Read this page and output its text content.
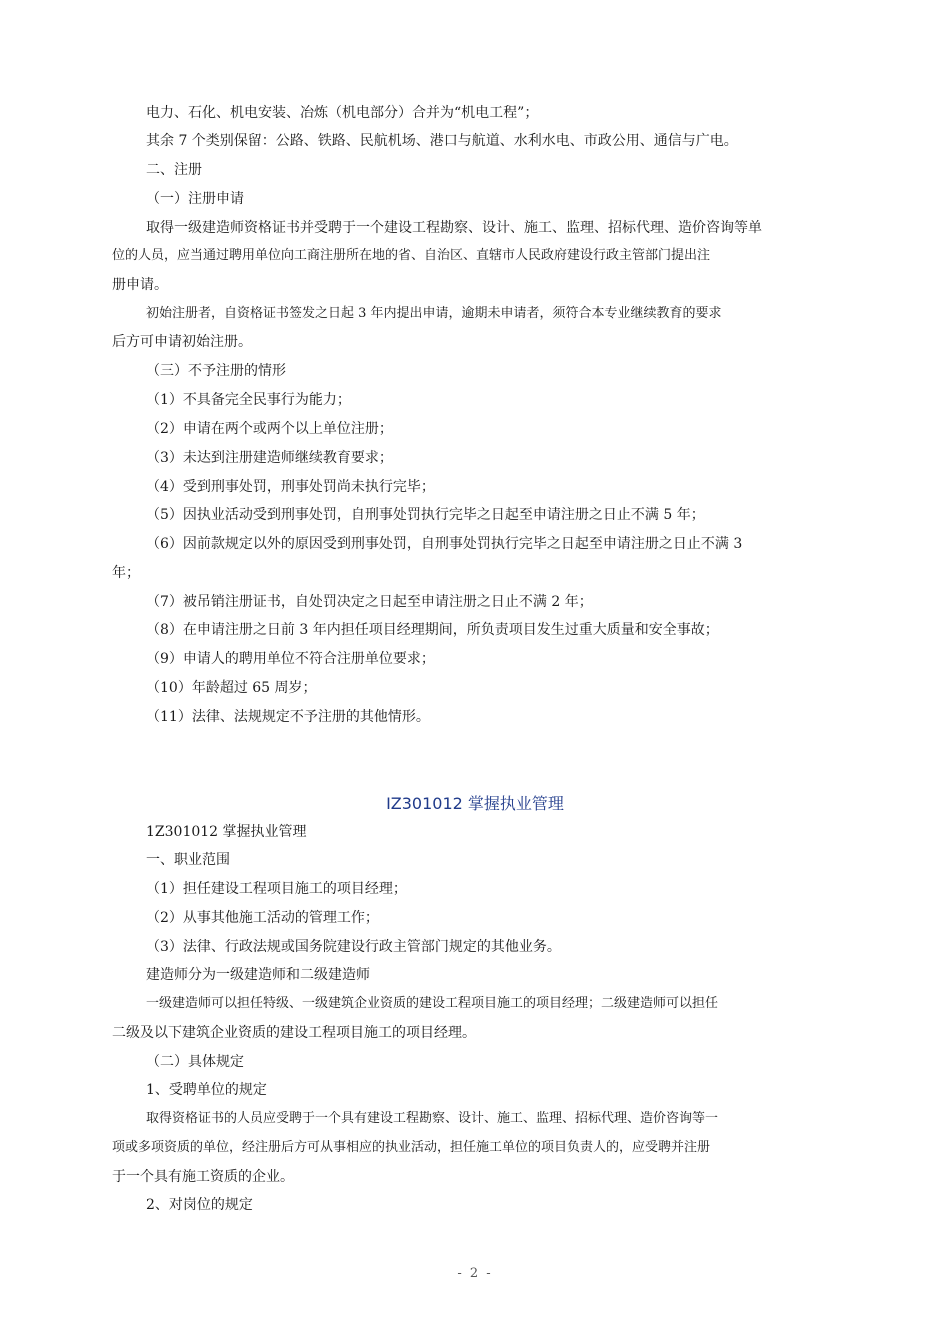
电力、石化、机电安装、冶炼（机电部分）合并为“机电工程”；
其余 7 个类别保留：公路、铁路、民航机场、港口与航道、水利水电、市政公用、通信与广电。
二、注册
（一）注册申请
取得一级建造师资格证书并受聘于一个建设工程勘察、设计、施工、监理、招标代理、造价咨询等单
位的人员，应当通过聘用单位向工商注册所在地的省、自治区、直辖市人民政府建设行政主管部门提出注
册申请。
初始注册者，自资格证书签发之日起 3 年内提出申请，逾期未申请者，须符合本专业继续教育的要求
后方可申请初始注册。
（三）不予注册的情形
（1）不具备完全民事行为能力；
（2）申请在两个或两个以上单位注册；
（3）未达到注册建造师继续教育要求；
（4）受到刑事处罚，刑事处罚尚未执行完毕；
（5）因执业活动受到刑事处罚，自刑事处罚执行完毕之日起至申请注册之日止不满 5 年；
（6）因前款规定以外的原因受到刑事处罚，自刑事处罚执行完毕之日起至申请注册之日止不满 3
年；
（7）被吊销注册证书，自处罚决定之日起至申请注册之日止不满 2 年；
（8）在申请注册之日前 3 年内担任项目经理期间，所负责项目发生过重大质量和安全事故；
（9）申请人的聘用单位不符合注册单位要求；
（10）年龄超过 65 周岁；
（11）法律、法规规定不予注册的其他情形。
IZ301012 掌握执业管理
1Z301012 掌握执业管理
一、职业范围
（1）担任建设工程项目施工的项目经理；
（2）从事其他施工活动的管理工作；
（3）法律、行政法规或国务院建设行政主管部门规定的其他业务。
建造师分为一级建造师和二级建造师
一级建造师可以担任特级、一级建筑企业资质的建设工程项目施工的项目经理；二级建造师可以担任
二级及以下建筑企业资质的建设工程项目施工的项目经理。
（二）具体规定
1、受聘单位的规定
取得资格证书的人员应受聘于一个具有建设工程勘察、设计、施工、监理、招标代理、造价咨询等一
项或多项资质的单位，经注册后方可从事相应的执业活动，担任施工单位的项目负责人的，应受聘并注册
于一个具有施工资质的企业。
2、对岗位的规定
- 2 -
